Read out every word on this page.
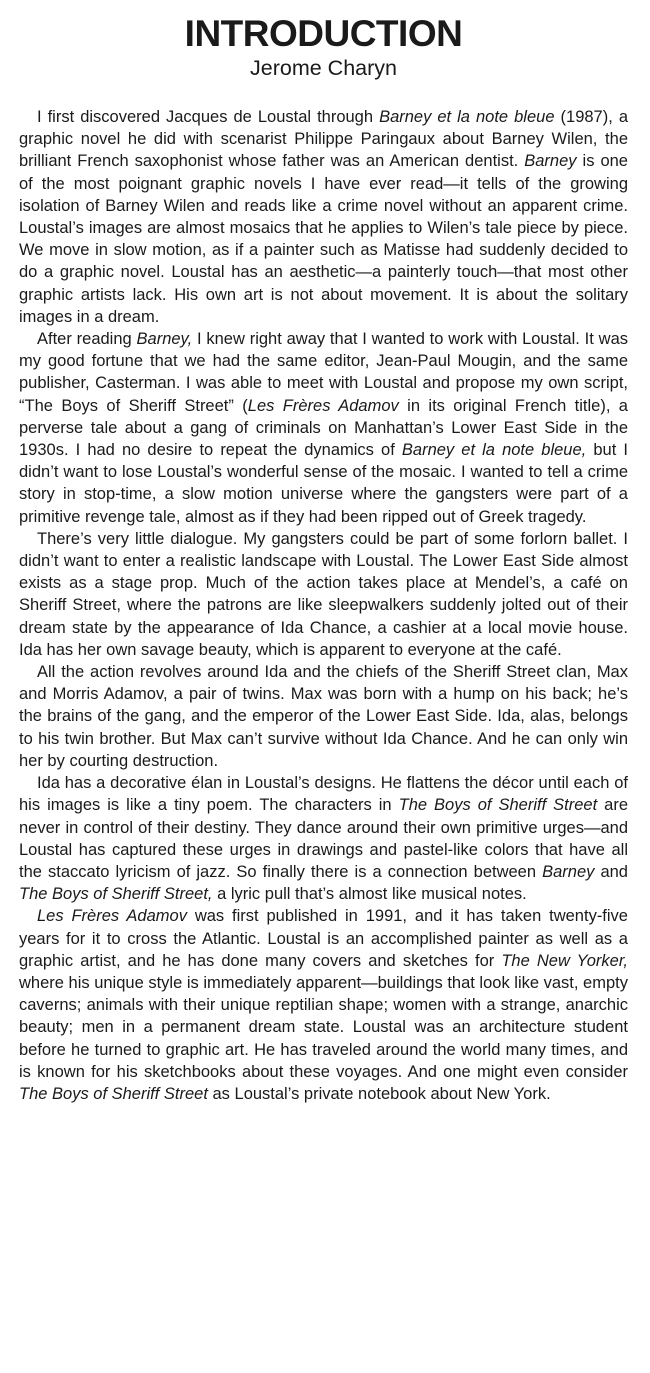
INTRODUCTION
Jerome Charyn

I first discovered Jacques de Loustal through Barney et la note bleue (1987), a graphic novel he did with scenarist Philippe Paringaux about Barney Wilen, the brilliant French saxophonist whose father was an American dentist. Barney is one of the most poignant graphic novels I have ever read—it tells of the growing isolation of Barney Wilen and reads like a crime novel without an apparent crime. Loustal’s images are almost mosaics that he applies to Wilen’s tale piece by piece. We move in slow motion, as if a painter such as Matisse had suddenly decided to do a graphic novel. Loustal has an aesthetic—a painterly touch—that most other graphic artists lack. His own art is not about movement. It is about the solitary images in a dream.

After reading Barney, I knew right away that I wanted to work with Loustal. It was my good fortune that we had the same editor, Jean-Paul Mougin, and the same publisher, Casterman. I was able to meet with Loustal and propose my own script, “The Boys of Sheriff Street” (Les Frères Adamov in its original French title), a perverse tale about a gang of criminals on Manhattan’s Lower East Side in the 1930s. I had no desire to repeat the dynamics of Barney et la note bleue, but I didn’t want to lose Loustal’s wonderful sense of the mosaic. I wanted to tell a crime story in stop-time, a slow motion universe where the gangsters were part of a primitive revenge tale, almost as if they had been ripped out of Greek tragedy.

There’s very little dialogue. My gangsters could be part of some forlorn ballet. I didn’t want to enter a realistic landscape with Loustal. The Lower East Side almost exists as a stage prop. Much of the action takes place at Mendel’s, a café on Sheriff Street, where the patrons are like sleepwalkers suddenly jolted out of their dream state by the appearance of Ida Chance, a cashier at a local movie house. Ida has her own savage beauty, which is apparent to everyone at the café.

All the action revolves around Ida and the chiefs of the Sheriff Street clan, Max and Morris Adamov, a pair of twins. Max was born with a hump on his back; he’s the brains of the gang, and the emperor of the Lower East Side. Ida, alas, belongs to his twin brother. But Max can’t survive without Ida Chance. And he can only win her by courting destruction.

Ida has a decorative élan in Loustal’s designs. He flattens the décor until each of his images is like a tiny poem. The characters in The Boys of Sheriff Street are never in control of their destiny. They dance around their own primitive urges—and Loustal has captured these urges in drawings and pastel-like colors that have all the staccato lyricism of jazz. So finally there is a connection between Barney and The Boys of Sheriff Street, a lyric pull that’s almost like musical notes.

Les Frères Adamov was first published in 1991, and it has taken twenty-five years for it to cross the Atlantic. Loustal is an accomplished painter as well as a graphic artist, and he has done many covers and sketches for The New Yorker, where his unique style is immediately apparent—buildings that look like vast, empty caverns; animals with their unique reptilian shape; women with a strange, anarchic beauty; men in a permanent dream state. Loustal was an architecture student before he turned to graphic art. He has traveled around the world many times, and is known for his sketchbooks about these voyages. And one might even consider The Boys of Sheriff Street as Loustal’s private notebook about New York.
